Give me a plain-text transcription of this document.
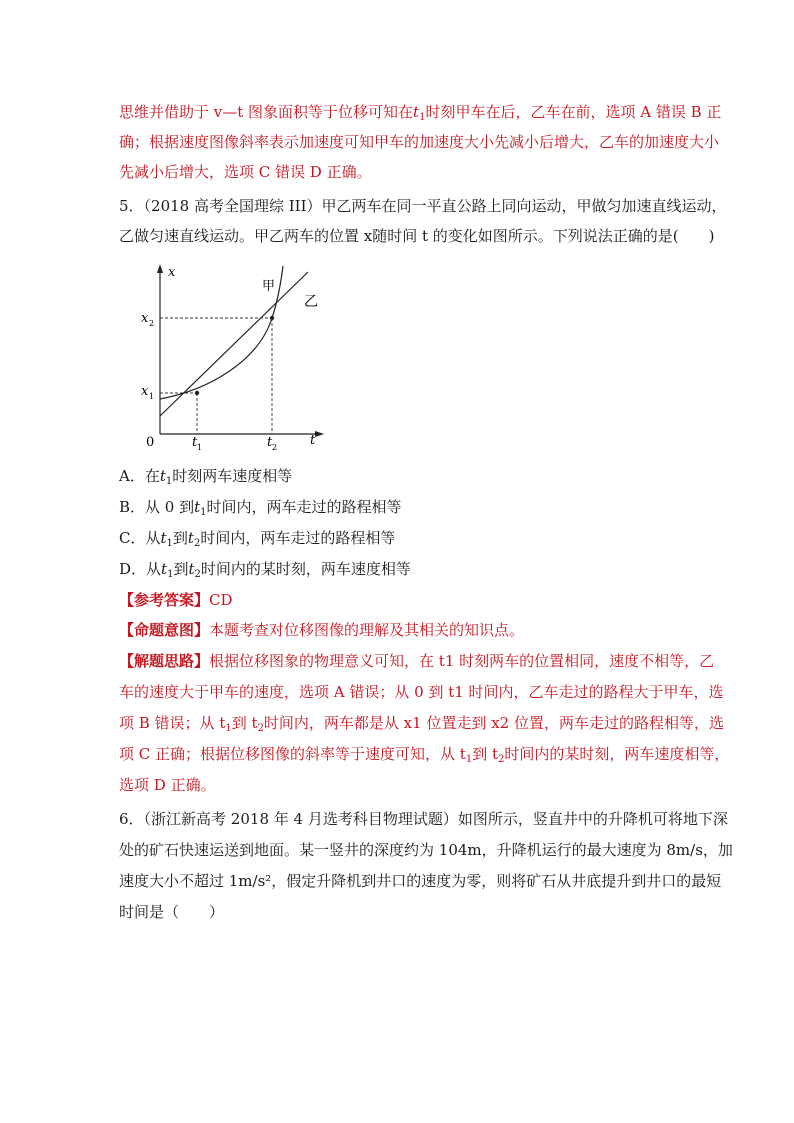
思维并借助于 v—t 图象面积等于位移可知在$t_1$时刻甲车在后，乙车在前，选项 A 错误 B 正
确；根据速度图像斜率表示加速度可知甲车的加速度大小先减小后增大，乙车的加速度大小
先减小后增大，选项 C 错误 D 正确。
5．（2018 高考全国理综 III）甲乙两车在同一平直公路上同向运动，甲做匀加速直线运动，
乙做匀速直线运动。甲乙两车的位置 x随时间 t 的变化如图所示。下列说法正确的是(　　)
x
t
0
甲
乙
x 1
x 2
t 1	t 2
A．在$t_1$时刻两车速度相等
B．从 0 到$t_1$时间内，两车走过的路程相等
C．从$t_1$到$t_2$时间内，两车走过的路程相等
D．从$t_1$到$t_2$时间内的某时刻，两车速度相等
【参考答案】CD
【命题意图】本题考查对位移图像的理解及其相关的知识点。
【解题思路】根据位移图象的物理意义可知，在 t1 时刻两车的位置相同，速度不相等，乙
车的速度大于甲车的速度，选项 A 错误；从 0 到 t1 时间内，乙车走过的路程大于甲车，选
项 B 错误；从 $t_1$到 $t_2$时间内，两车都是从 x1 位置走到 x2 位置，两车走过的路程相等，选
项 C 正确；根据位移图像的斜率等于速度可知，从 $t_1$到 $t_2$时间内的某时刻，两车速度相等，
选项 D 正确。
6．（浙江新高考 2018 年 4 月选考科目物理试题）如图所示，竖直井中的升降机可将地下深
处的矿石快速运送到地面。某一竖井的深度约为 104m，升降机运行的最大速度为 8m/s，加
速度大小不超过 1m/s²，假定升降机到井口的速度为零，则将矿石从井底提升到井口的最短
时间是（　　）
